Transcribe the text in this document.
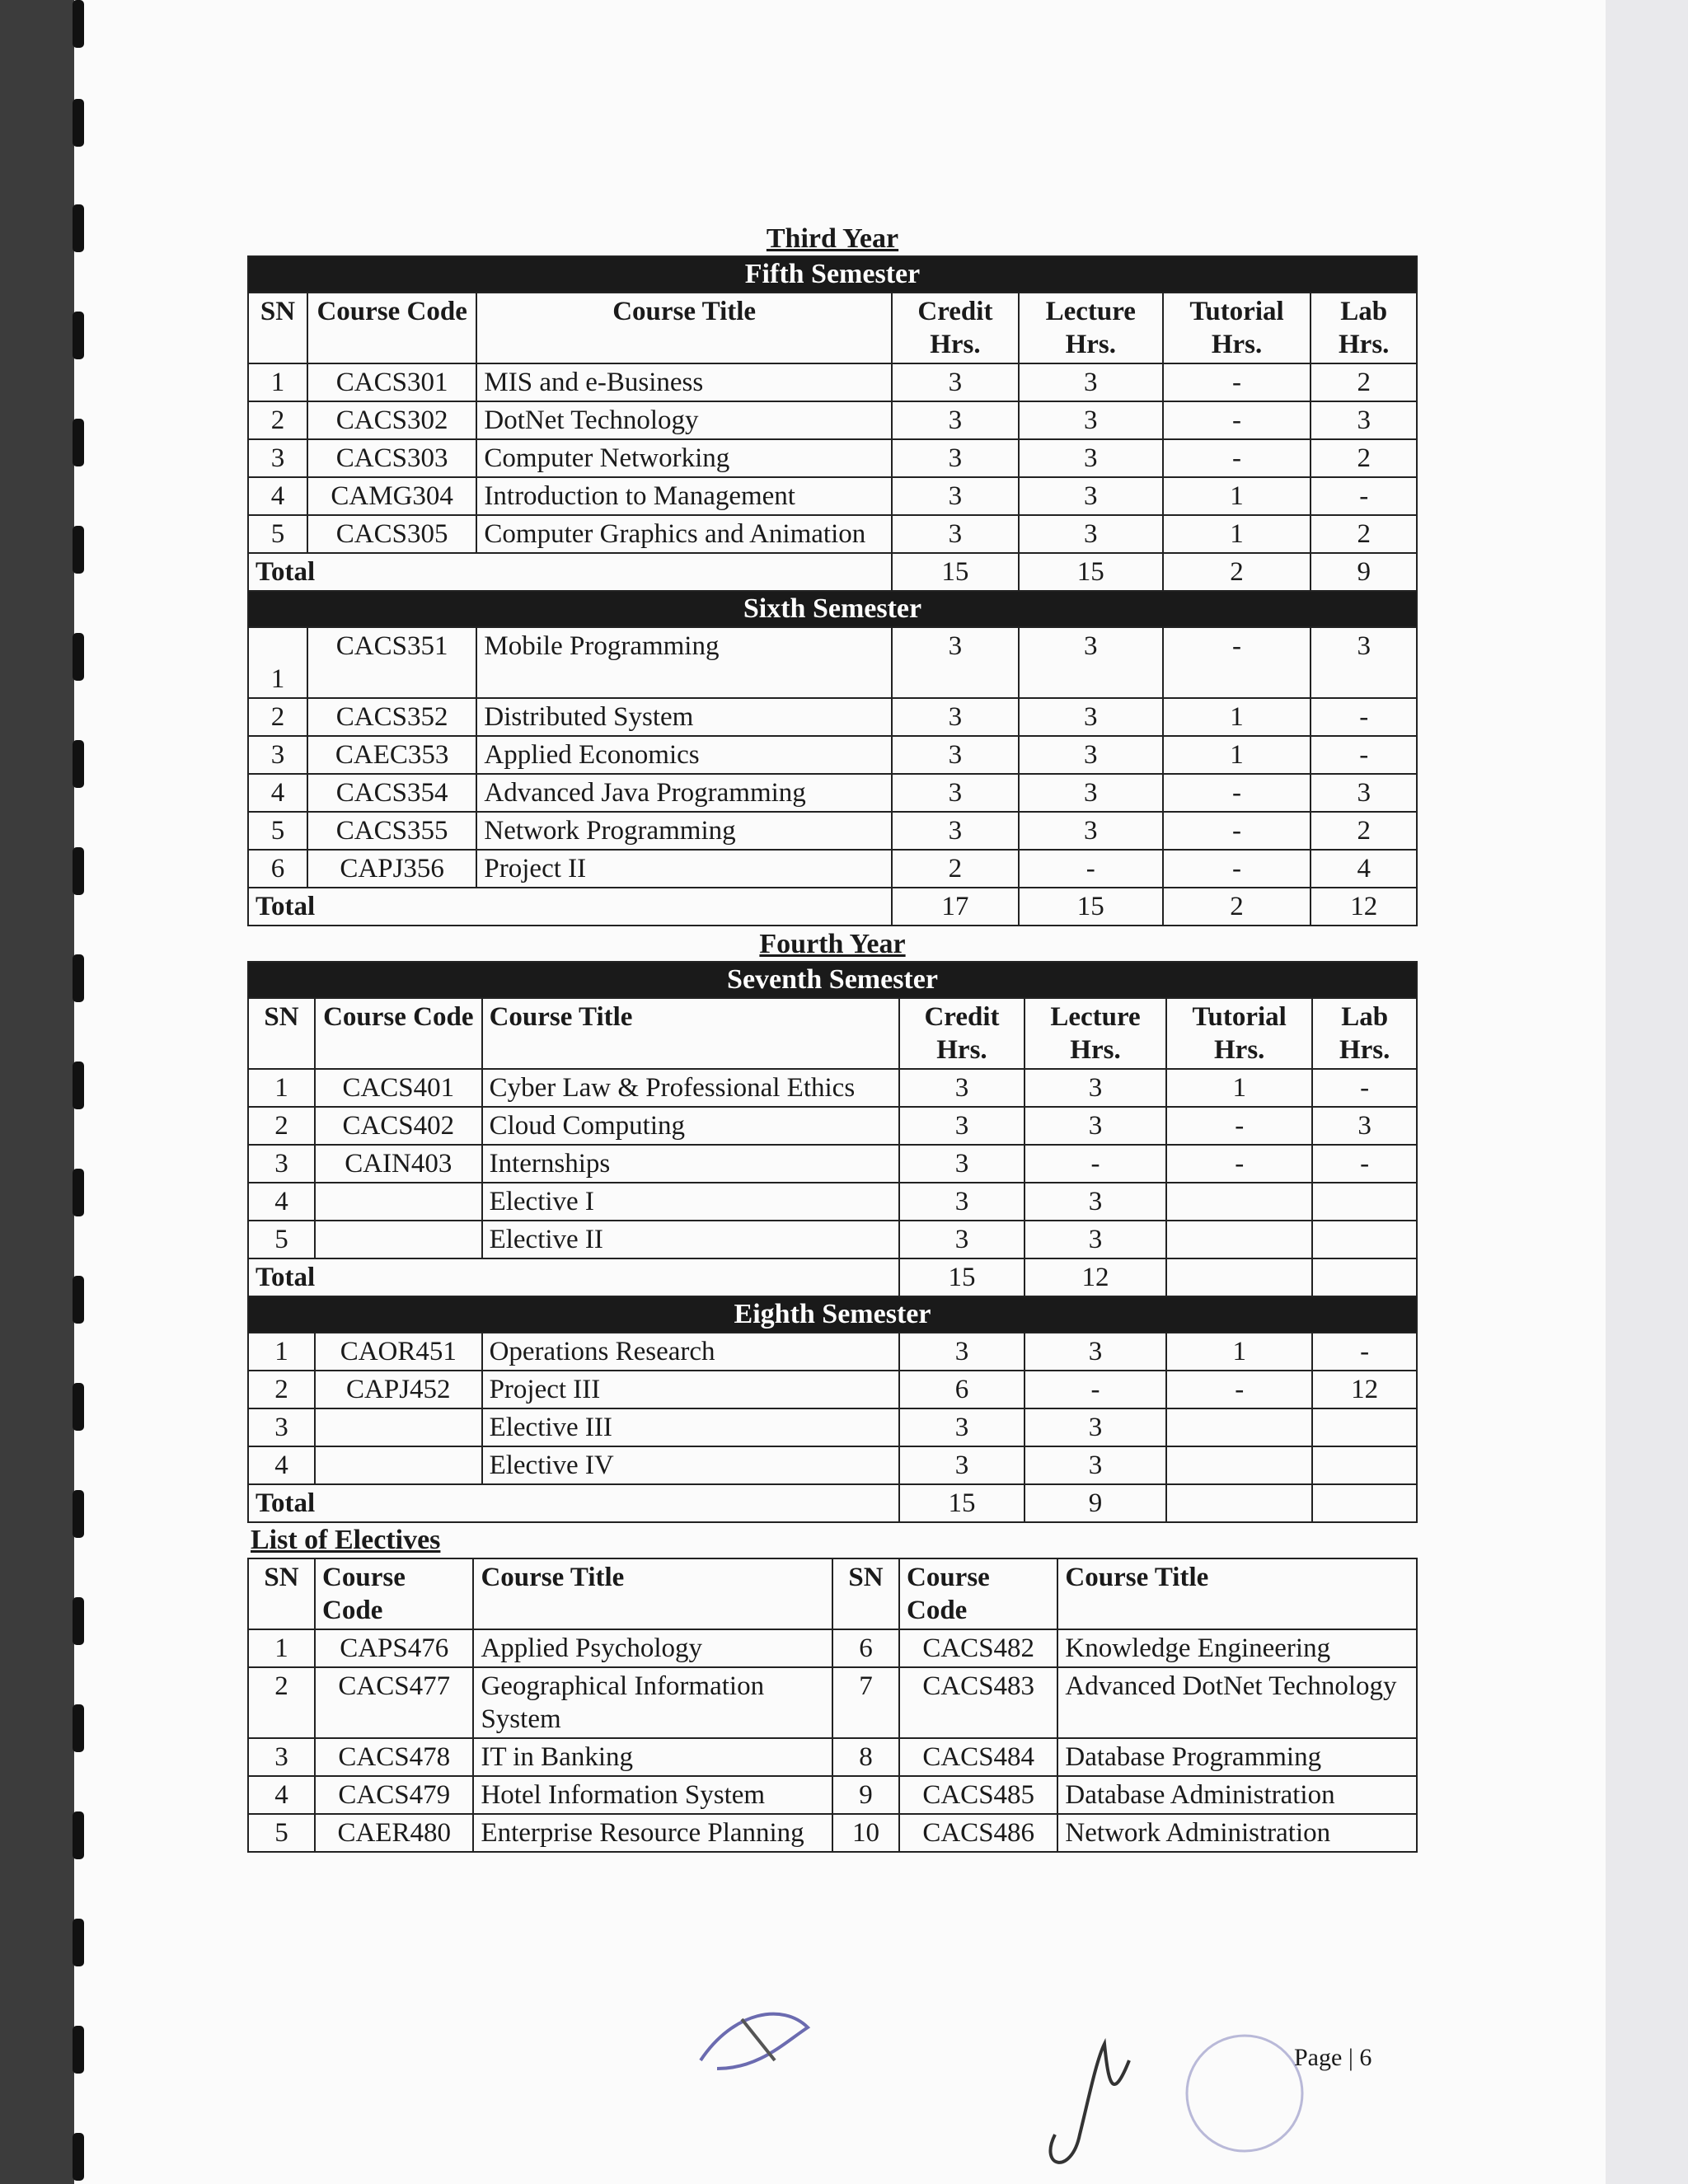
Third Year
Fifth Semester						
SN	Course Code	Course Title	Credit Hrs.	Lecture Hrs.	Tutorial Hrs.	Lab Hrs.
1	CACS301	MIS and e-Business	3	3	-	2
2	CACS302	DotNet Technology	3	3	-	3
3	CACS303	Computer Networking	3	3	-	2
4	CAMG304	Introduction to Management	3	3	1	-
5	CACS305	Computer Graphics and Animation	3	3	1	2
Total			15	15	2	9
Sixth Semester						
1	CACS351	Mobile Programming	3	3	-	3
2	CACS352	Distributed System	3	3	1	-
3	CAEC353	Applied Economics	3	3	1	-
4	CACS354	Advanced Java Programming	3	3	-	3
5	CACS355	Network Programming	3	3	-	2
6	CAPJ356	Project II	2	-	-	4
Total			17	15	2	12
Fourth Year
Seventh Semester						
SN	Course Code	Course Title	Credit Hrs.	Lecture Hrs.	Tutorial Hrs.	Lab Hrs.
1	CACS401	Cyber Law & Professional Ethics	3	3	1	-
2	CACS402	Cloud Computing	3	3	-	3
3	CAIN403	Internships	3	-	-	-
4		Elective I	3	3		
5		Elective II	3	3		
Total			15	12		
Eighth Semester						
1	CAOR451	Operations Research	3	3	1	-
2	CAPJ452	Project III	6	-	-	12
3		Elective III	3	3		
4		Elective IV	3	3		
Total			15	9		
List of Electives
SN	Course Code	Course Title	SN	Course Code	Course Title
1	CAPS476	Applied Psychology	6	CACS482	Knowledge Engineering
2	CACS477	Geographical Information System	7	CACS483	Advanced DotNet Technology
3	CACS478	IT in Banking	8	CACS484	Database Programming
4	CACS479	Hotel Information System	9	CACS485	Database Administration
5	CAER480	Enterprise Resource Planning	10	CACS486	Network Administration
Page | 6
